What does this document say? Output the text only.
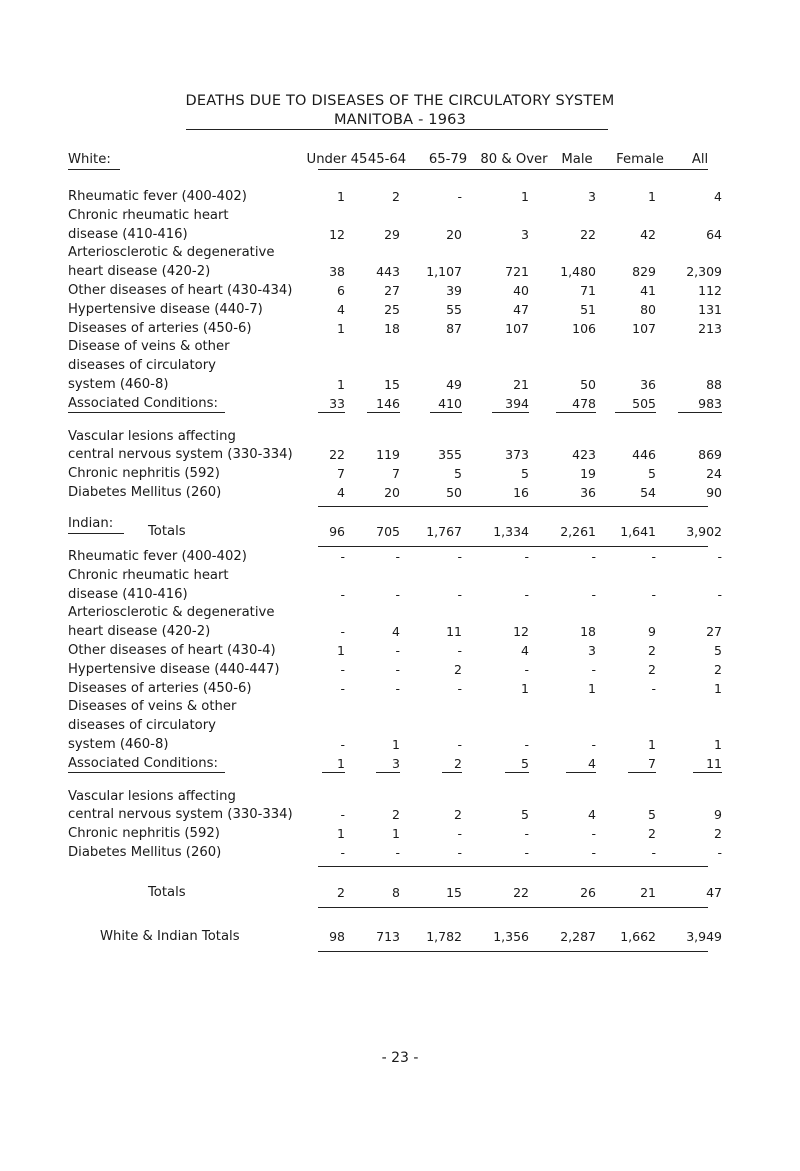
DEATHS DUE TO DISEASES OF THE CIRCULATORY SYSTEM
MANITOBA - 1963
White:	Under 45 45-64	65-79	80 & Over	Male	Female	All
Rheumatic fever (400-402)	1	2	-	1	3	1	4
Chronic rheumatic heart
disease (410-416)	12	29	20	3	22	42	64
Arteriosclerotic & degenerative
heart disease (420-2)	38	443	1,107	721	1,480	829	2,309
Other diseases of heart (430-434)	6	27	39	40	71	41	112
Hypertensive disease (440-7)	4	25	55	47	51	80	131
Diseases of arteries (450-6)	1	18	87	107	106	107	213
Disease of veins & other
diseases of circulatory
system (460-8)	1	15	49	21	50	36	88
Associated Conditions:	33	146	410	394	478	505	983
Vascular lesions affecting
central nervous system (330-334)	22	119	355	373	423	446	869
Chronic nephritis (592)	7	7	5	5	19	5	24
Diabetes Mellitus (260)	4	20	50	16	36	54	90
Totals	96	705	1,767	1,334	2,261	1,641	3,902
Indian:
Rheumatic fever (400-402)	-	-	-	-	-	-	-
Chronic rheumatic heart
disease (410-416)	-	-	-	-	-	-	-
Arteriosclerotic & degenerative
heart disease (420-2)	-	4	11	12	18	9	27
Other diseases of heart (430-4)	1	-	-	4	3	2	5
Hypertensive disease (440-447)	-	-	2	-	-	2	2
Diseases of arteries (450-6)	-	-	-	1	1	-	1
Diseases of veins & other
diseases of circulatory
system (460-8)	-	1	-	-	-	1	1
Associated Conditions:	1	3	2	5	4	7	11
Vascular lesions affecting
central nervous system (330-334)	-	2	2	5	4	5	9
Chronic nephritis (592)	1	1	-	-	-	2	2
Diabetes Mellitus (260)	-	-	-	-	-	-	-
Totals	2	8	15	22	26	21	47
White & Indian Totals	98	713	1,782	1,356	2,287	1,662	3,949
- 23 -
